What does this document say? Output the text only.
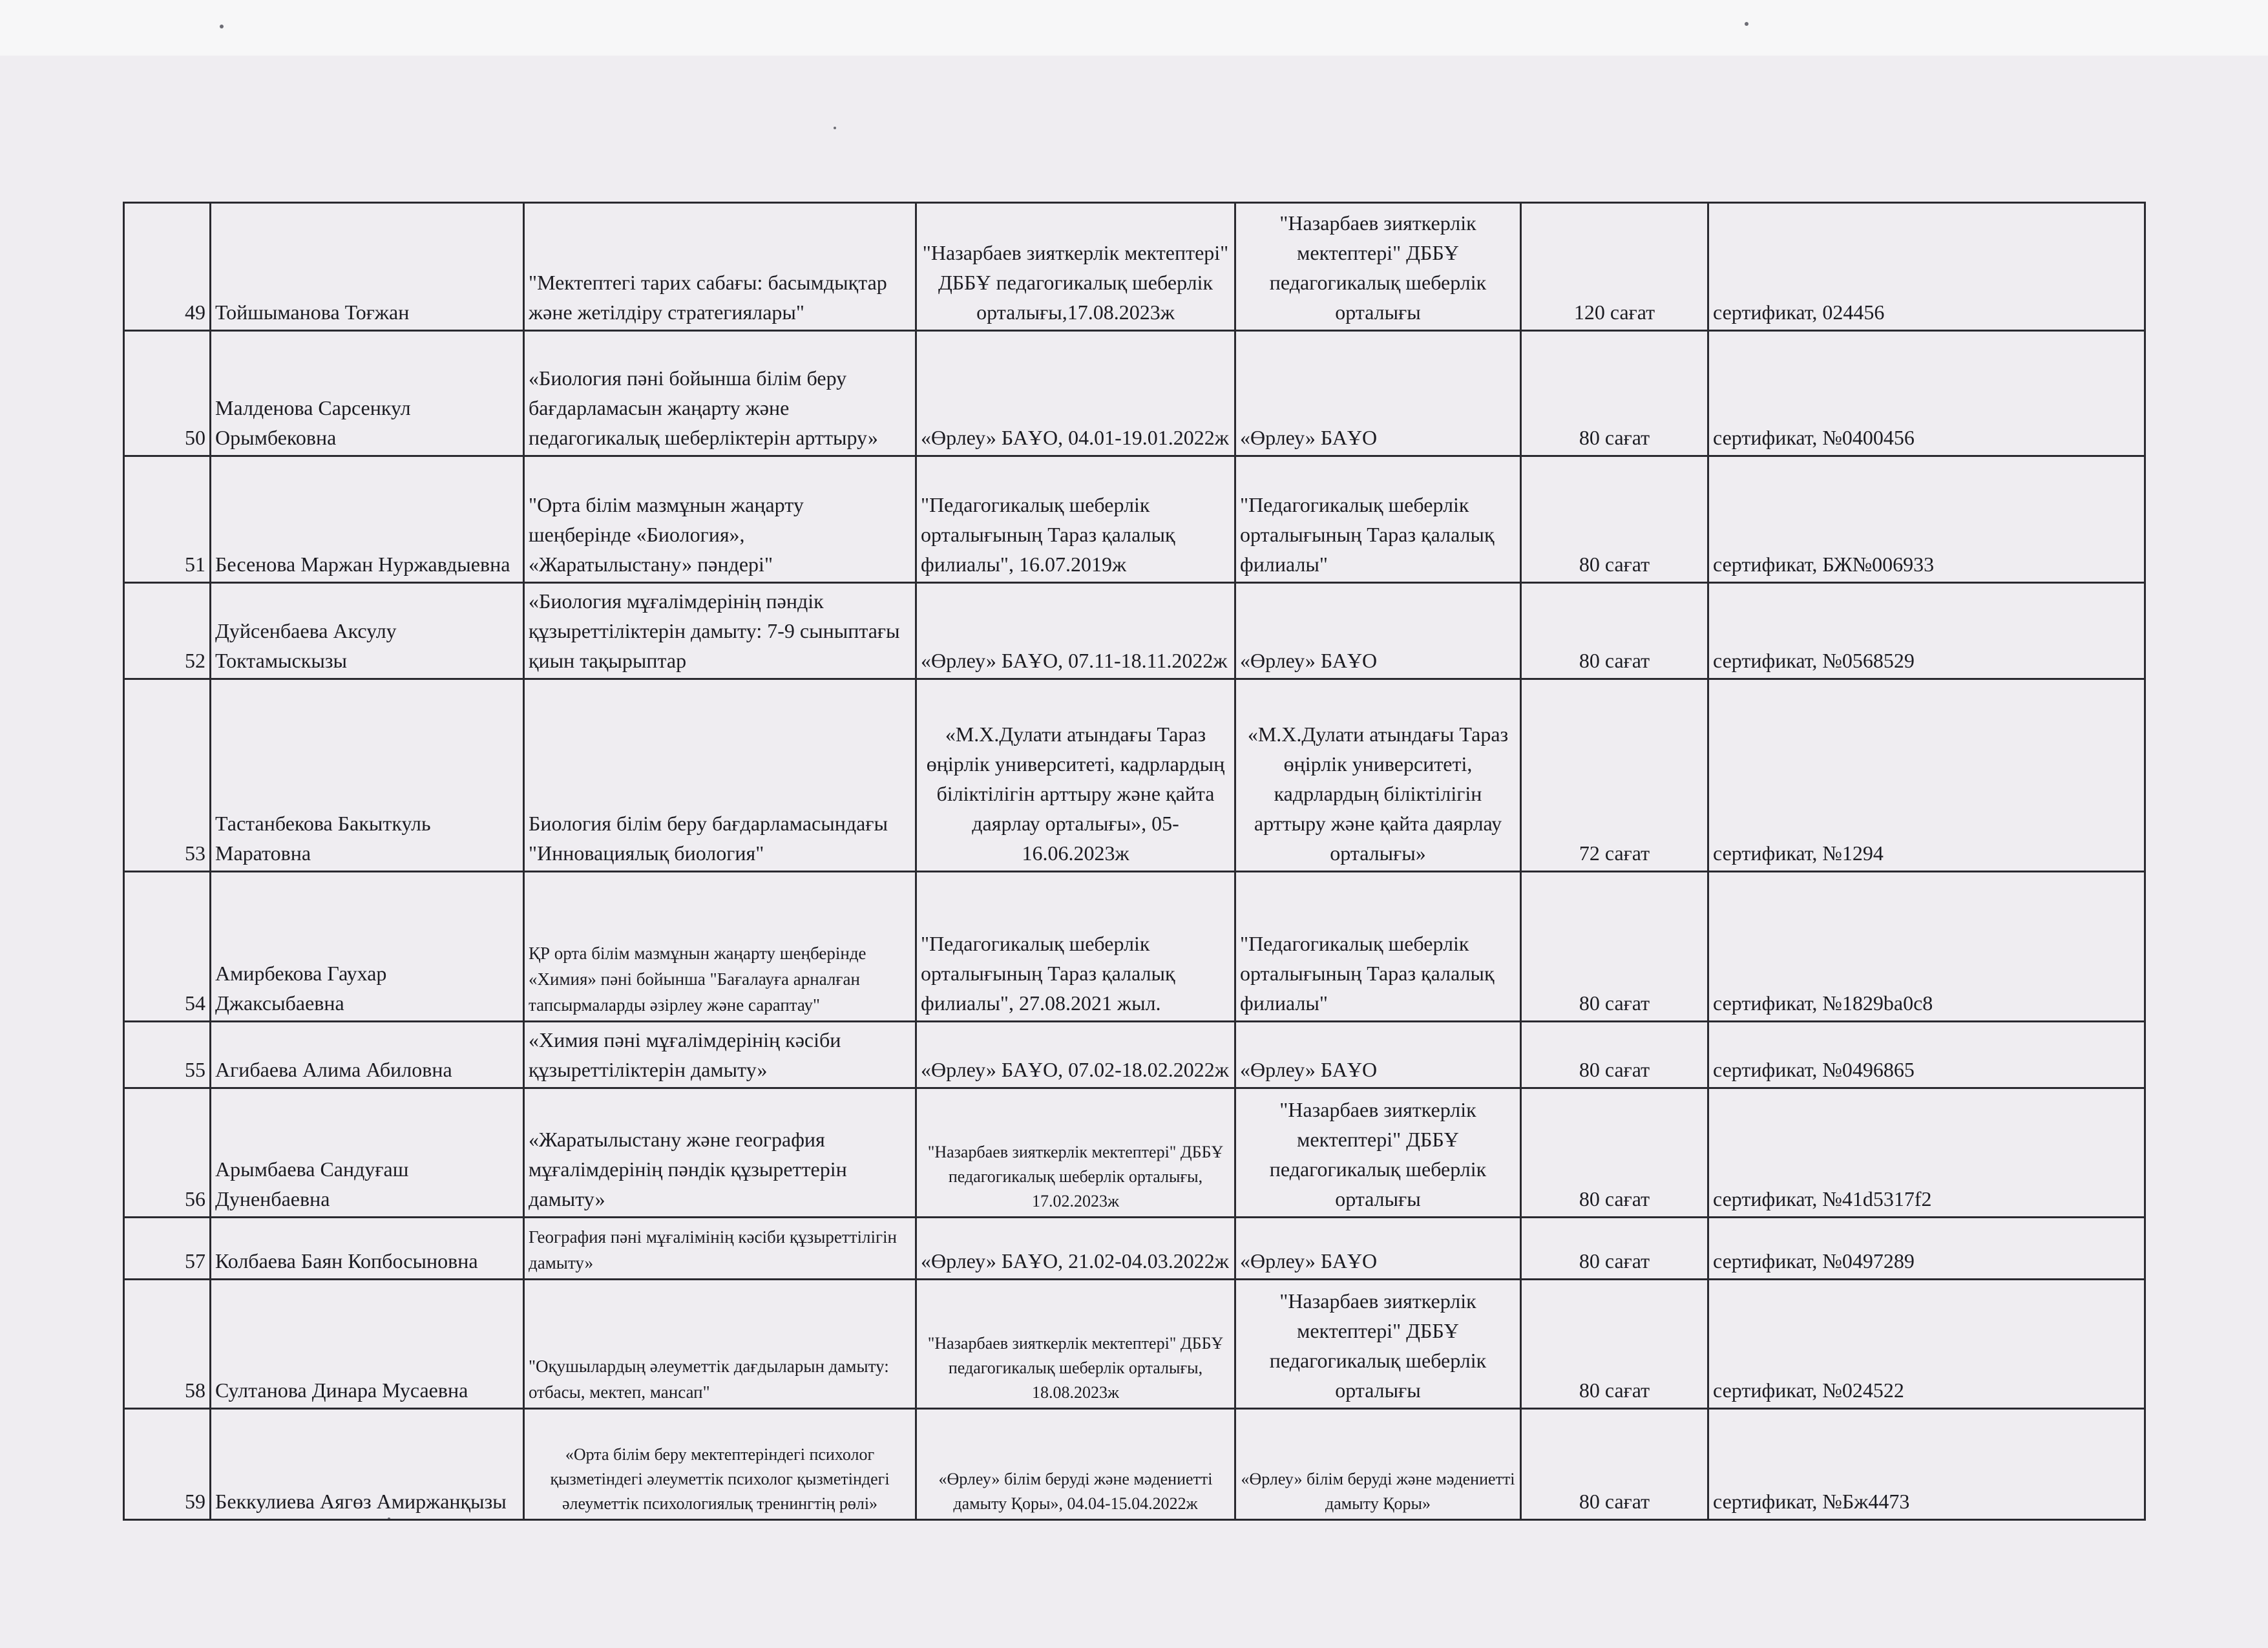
49	Тойшыманова Тоғжан	"Мектептегі тарих сабағы: басымдықтар және жетілдіру стратегиялары"	"Назарбаев зияткерлік мектептері" ДББҰ педагогикалық шеберлік орталығы,17.08.2023ж	"Назарбаев зияткерлік мектептері" ДББҰ педагогикалық шеберлік орталығы	120 сағат	сертификат, 024456
50	Малденова Сарсенкул Орымбековна	«Биология пәні бойынша білім беру бағдарламасын жаңарту және педагогикалық шеберліктерін арттыру»	«Өрлеу» БАҰО, 04.01-19.01.2022ж	«Өрлеу» БАҰО	80 сағат	сертификат, №0400456
51	Бесенова Маржан Нуржавдыевна	"Орта білім мазмұнын жаңарту шеңберінде «Биология», «Жаратылыстану» пәндері"	"Педагогикалық шеберлік орталығының Тараз қалалық филиалы", 16.07.2019ж	"Педагогикалық шеберлік орталығының Тараз қалалық филиалы"	80 сағат	сертификат, БЖ№006933
52	Дуйсенбаева Аксулу Токтамыскызы	«Биология мұғалімдерінің пәндік құзыреттіліктерін дамыту: 7-9 сыныптағы қиын тақырыптар	«Өрлеу» БАҰО, 07.11-18.11.2022ж	«Өрлеу» БАҰО	80 сағат	сертификат, №0568529
53	Тастанбекова Бакыткуль Маратовна	Биология білім беру бағдарламасындағы "Инновациялық биология"	«М.Х.Дулати атындағы Тараз өңірлік университеті, кадрлардың біліктілігін арттыру және қайта даярлау орталығы», 05-16.06.2023ж	«М.Х.Дулати атындағы Тараз өңірлік университеті, кадрлардың біліктілігін арттыру және қайта даярлау орталығы»	72 сағат	сертификат, №1294
54	Амирбекова Гаухар Джаксыбаевна	ҚР орта білім мазмұнын жаңарту шеңберінде «Химия» пәні бойынша "Бағалауға арналған тапсырмаларды әзірлеу және сараптау"	"Педагогикалық шеберлік орталығының Тараз қалалық филиалы", 27.08.2021 жыл.	"Педагогикалық шеберлік орталығының Тараз қалалық филиалы"	80 сағат	сертификат, №1829ba0c8
55	Агибаева Алима Абиловна	«Химия пәні мұғалімдерінің кәсіби құзыреттіліктерін дамыту»	«Өрлеу» БАҰО, 07.02-18.02.2022ж	«Өрлеу» БАҰО	80 сағат	сертификат, №0496865
56	Арымбаева Сандуғаш Дуненбаевна	«Жаратылыстану және география мұғалімдерінің пәндік құзыреттерін дамыту»	"Назарбаев зияткерлік мектептері" ДББҰ педагогикалық шеберлік орталығы, 17.02.2023ж	"Назарбаев зияткерлік мектептері" ДББҰ педагогикалық шеберлік орталығы	80 сағат	сертификат, №41d5317f2
57	Колбаева Баян Копбосыновна	География пәні мұғалімінің кәсіби құзыреттілігін дамыту»	«Өрлеу» БАҰО, 21.02-04.03.2022ж	«Өрлеу» БАҰО	80 сағат	сертификат, №0497289
58	Султанова Динара Мусаевна	"Оқушылардың әлеуметтік дағдыларын дамыту: отбасы, мектеп, мансап"	"Назарбаев зияткерлік мектептері" ДББҰ педагогикалық шеберлік орталығы, 18.08.2023ж	"Назарбаев зияткерлік мектептері" ДББҰ педагогикалық шеберлік орталығы	80 сағат	сертификат, №024522
59	Беккулиева Аягөз Амиржанқызы	«Орта білім беру мектептеріндегі психолог қызметіндегі әлеуметтік психолог қызметіндегі әлеуметтік психологиялық тренингтің рөлі»	«Өрлеу» білім беруді және мәдениетті дамыту Қоры», 04.04-15.04.2022ж	«Өрлеу» білім беруді және мәдениетті дамыту Қоры»	80 сағат	сертификат, №Бж4473
